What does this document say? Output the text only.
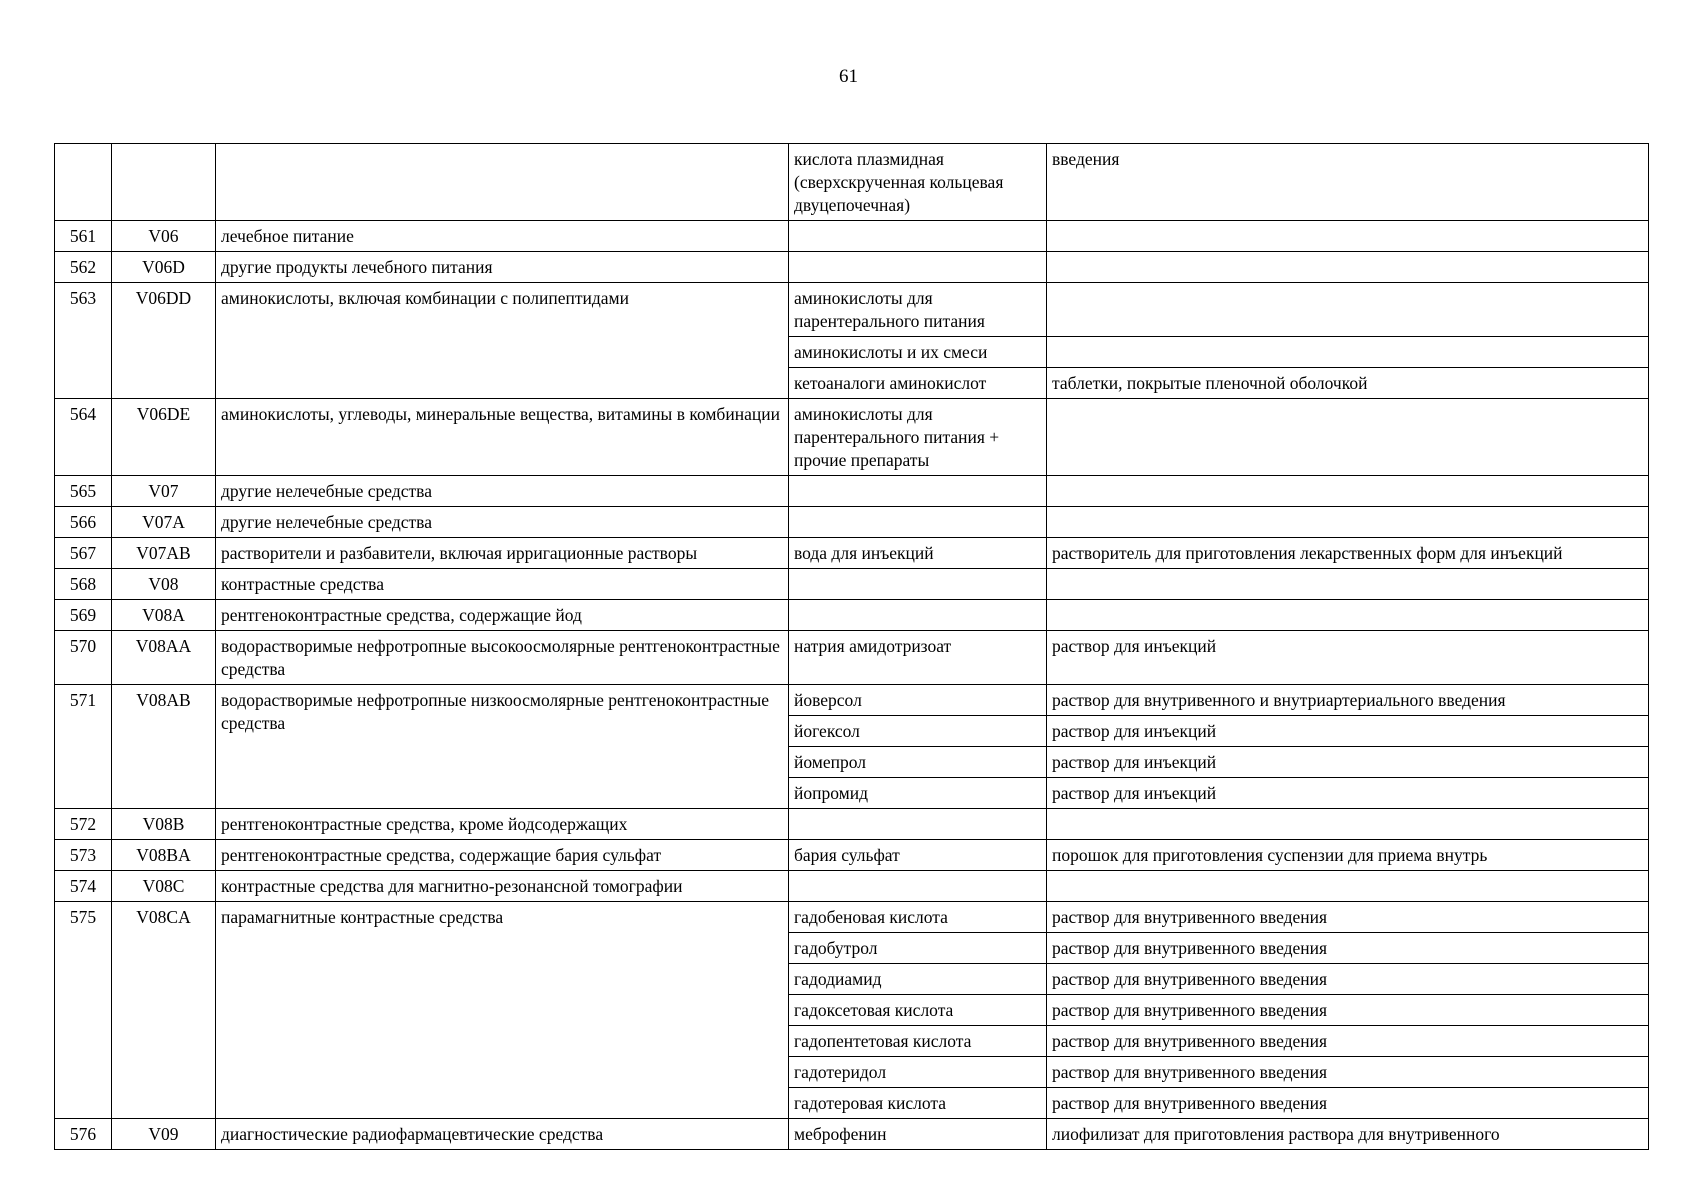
61
			кислота плазмидная (сверхскрученная кольцевая двуцепочечная)	введения
561	V06	лечебное питание		
562	V06D	другие продукты лечебного питания		
563	V06DD	аминокислоты, включая комбинации с полипептидами	аминокислоты для парентерального питания	
			аминокислоты и их смеси	
			кетоаналоги аминокислот	таблетки, покрытые пленочной оболочкой
564	V06DE	аминокислоты, углеводы, минеральные вещества, витамины в комбинации	аминокислоты для парентерального питания + прочие препараты	
565	V07	другие нелечебные средства		
566	V07A	другие нелечебные средства		
567	V07AB	растворители и разбавители, включая ирригационные растворы	вода для инъекций	растворитель для приготовления лекарственных форм для инъекций
568	V08	контрастные средства		
569	V08A	рентгеноконтрастные средства, содержащие йод		
570	V08AA	водорастворимые нефротропные высокоосмолярные рентгеноконтрастные средства	натрия амидотризоат	раствор для инъекций
571	V08AB	водорастворимые нефротропные низкоосмолярные рентгеноконтрастные средства	йоверсол	раствор для внутривенного и внутриартериального введения
			йогексол	раствор для инъекций
			йомепрол	раствор для инъекций
			йопромид	раствор для инъекций
572	V08B	рентгеноконтрастные средства, кроме йодсодержащих		
573	V08BA	рентгеноконтрастные средства, содержащие бария сульфат	бария сульфат	порошок для приготовления суспензии для приема внутрь
574	V08C	контрастные средства для магнитно-резонансной томографии		
575	V08CA	парамагнитные контрастные средства	гадобеновая кислота	раствор для внутривенного введения
			гадобутрол	раствор для внутривенного введения
			гадодиамид	раствор для внутривенного введения
			гадоксетовая кислота	раствор для внутривенного введения
			гадопентетовая кислота	раствор для внутривенного введения
			гадотеридол	раствор для внутривенного введения
			гадотеровая кислота	раствор для внутривенного введения
576	V09	диагностические радиофармацевтические средства	меброфенин	лиофилизат для приготовления раствора для внутривенного
